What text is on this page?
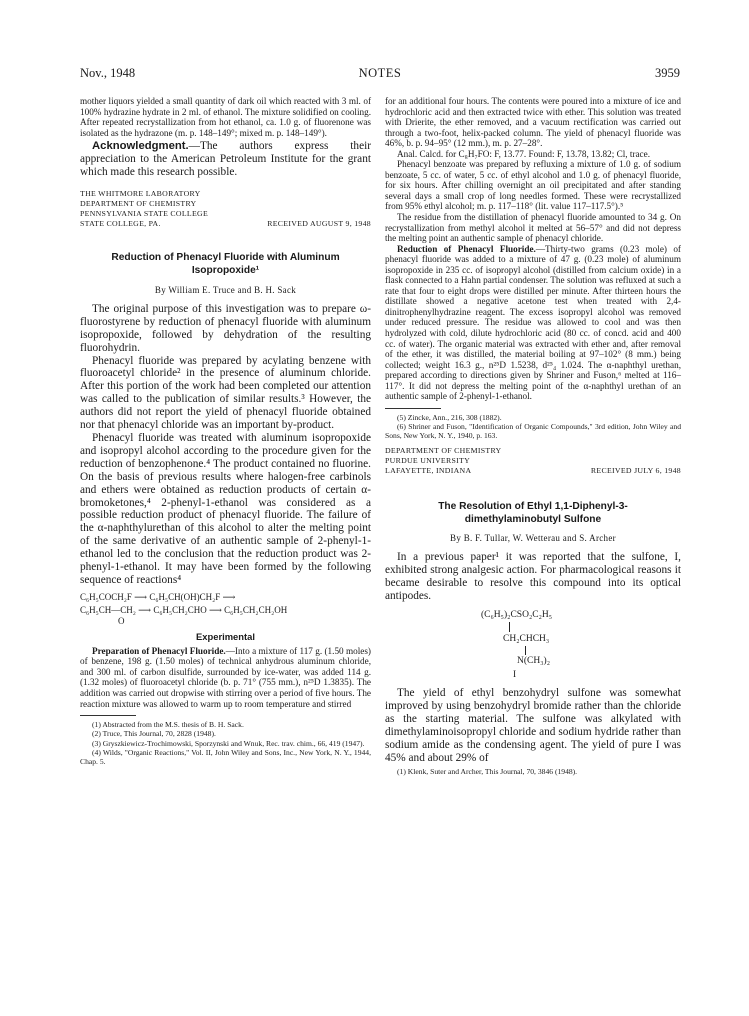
Nov., 1948	NOTES	3959

mother liquors yielded a small quantity of dark oil which reacted with 3 ml. of 100% hydrazine hydrate in 2 ml. of ethanol. The mixture solidified on cooling. After repeated recrystallization from hot ethanol, ca. 1.0 g. of fluorenone was isolated as the hydrazone (m. p. 148–149°; mixed m. p. 148–149°).

Acknowledgment.—The authors express their appreciation to the American Petroleum Institute for the grant which made this research possible.

THE WHITMORE LABORATORY
DEPARTMENT OF CHEMISTRY
PENNSYLVANIA STATE COLLEGE
STATE COLLEGE, PA.	RECEIVED AUGUST 9, 1948
Reduction of Phenacyl Fluoride with Aluminum Isopropoxide¹
By William E. Truce and B. H. Sack

The original purpose of this investigation was to prepare ω-fluorostyrene by reduction of phenacyl fluoride with aluminum isopropoxide, followed by dehydration of the resulting fluorohydrin.

Phenacyl fluoride was prepared by acylating benzene with fluoroacetyl chloride² in the presence of aluminum chloride. After this portion of the work had been completed our attention was called to the publication of similar results.³ However, the authors did not report the yield of phenacyl fluoride obtained nor that phenacyl chloride was an important by-product.

Phenacyl fluoride was treated with aluminum isopropoxide and isopropyl alcohol according to the procedure given for the reduction of benzophenone.⁴ The product contained no fluorine. On the basis of previous results where halogen-free carbinols and ethers were obtained as reduction products of certain α-bromoketones,⁴ 2-phenyl-1-ethanol was considered as a possible reduction product of phenacyl fluoride. The failure of the α-naphthylurethan of this alcohol to alter the melting point of the same derivative of an authentic sample of 2-phenyl-1-ethanol led to the conclusion that the reduction product was 2-phenyl-1-ethanol. It may have been formed by the following sequence of reactions⁴

C₆H₅COCH₂F ⟶ C₆H₅CH(OH)CH₂F ⟶
C₆H₅CH—CH₂ ⟶ C₆H₅CH₂CHO ⟶ C₆H₅CH₂CH₂OH
O
Experimental

Preparation of Phenacyl Fluoride.—Into a mixture of 117 g. (1.50 moles) of benzene, 198 g. (1.50 moles) of technical anhydrous aluminum chloride, and 300 ml. of carbon disulfide, surrounded by ice-water, was added 114 g. (1.32 moles) of fluoroacetyl chloride (b. p. 71° (755 mm.), n²⁵D 1.3835). The addition was carried out dropwise with stirring over a period of five hours. The reaction mixture was allowed to warm up to room temperature and stirred

(1) Abstracted from the M.S. thesis of B. H. Sack.

(2) Truce, This Journal, 70, 2828 (1948).

(3) Gryszkiewicz-Trochimowski, Sporzynski and Wnuk, Rec. trav. chim., 66, 419 (1947).

(4) Wilds, "Organic Reactions," Vol. II, John Wiley and Sons, Inc., New York, N. Y., 1944, Chap. 5.

for an additional four hours. The contents were poured into a mixture of ice and hydrochloric acid and then extracted twice with ether. This solution was treated with Drierite, the ether removed, and a vacuum rectification was carried out through a two-foot, helix-packed column. The yield of phenacyl fluoride was 46%, b. p. 94–95° (12 mm.), m. p. 27–28°.

Anal. Calcd. for C₈H₇FO: F, 13.77. Found: F, 13.78, 13.82; Cl, trace.

Phenacyl benzoate was prepared by refluxing a mixture of 1.0 g. of sodium benzoate, 5 cc. of water, 5 cc. of ethyl alcohol and 1.0 g. of phenacyl fluoride, for six hours. After chilling overnight an oil precipitated and after standing several days a small crop of long needles formed. These were recrystallized from 95% ethyl alcohol; m. p. 117–118° (lit. value 117–117.5°).⁵

The residue from the distillation of phenacyl fluoride amounted to 34 g. On recrystallization from methyl alcohol it melted at 56–57° and did not depress the melting point an authentic sample of phenacyl chloride.

Reduction of Phenacyl Fluoride.—Thirty-two grams (0.23 mole) of phenacyl fluoride was added to a mixture of 47 g. (0.23 mole) of aluminum isopropoxide in 235 cc. of isopropyl alcohol (distilled from calcium oxide) in a flask connected to a Hahn partial condenser. The solution was refluxed at such a rate that four to eight drops were distilled per minute. After thirteen hours the distillate showed a negative acetone test when treated with 2,4-dinitrophenylhydrazine reagent. The excess isopropyl alcohol was removed under reduced pressure. The residue was allowed to cool and was then hydrolyzed with cold, dilute hydrochloric acid (80 cc. of concd. acid and 400 cc. of water). The organic material was extracted with ether and, after removal of the ether, it was distilled, the material boiling at 97–102° (8 mm.) being collected; weight 16.3 g., n²⁵D 1.5238, d²⁵₄ 1.024. The α-naphthyl urethan, prepared according to directions given by Shriner and Fuson,⁶ melted at 116–117°. It did not depress the melting point of the α-naphthyl urethan of an authentic sample of 2-phenyl-1-ethanol.

(5) Zincke, Ann., 216, 308 (1882).

(6) Shriner and Fuson, "Identification of Organic Compounds," 3rd edition, John Wiley and Sons, New York, N. Y., 1940, p. 163.

DEPARTMENT OF CHEMISTRY
PURDUE UNIVERSITY
LAFAYETTE, INDIANA	RECEIVED JULY 6, 1948
The Resolution of Ethyl 1,1-Diphenyl-3-dimethylaminobutyl Sulfone
By B. F. Tullar, W. Wetterau and S. Archer

In a previous paper¹ it was reported that the sulfone, I, exhibited strong analgesic action. For pharmacological reasons it became desirable to resolve this compound into its optical antipodes.

(C₆H₅)₂CSO₂C₂H₅
CH₂CHCH₃
N(CH₃)₂
I

The yield of ethyl benzohydryl sulfone was somewhat improved by using benzohydryl bromide rather than the chloride as the starting material. The sulfone was alkylated with dimethylaminoisopropyl chloride and sodium hydride rather than sodium amide as the condensing agent. The yield of pure I was 45% and about 29% of

(1) Klenk, Suter and Archer, This Journal, 70, 3846 (1948).
